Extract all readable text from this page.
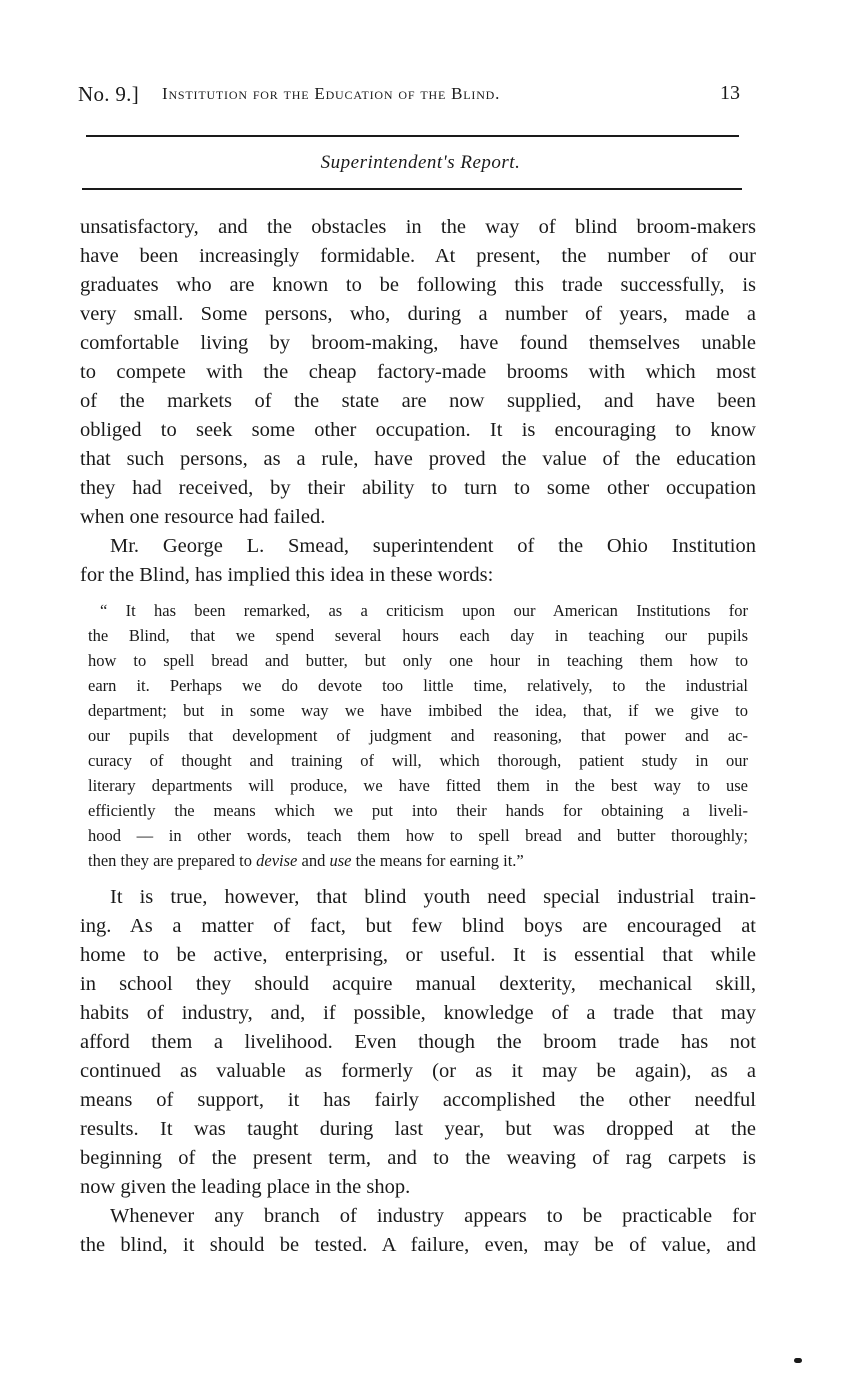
No. 9.] Institution for the Education of the Blind.	13
Superintendent's Report.
unsatisfactory, and the obstacles in the way of blind broom-makers
have been increasingly formidable. At present, the number of our
graduates who are known to be following this trade successfully, is
very small. Some persons, who, during a number of years, made a
comfortable living by broom-making, have found themselves unable
to compete with the cheap factory-made brooms with which most
of the markets of the state are now supplied, and have been
obliged to seek some other occupation. It is encouraging to know
that such persons, as a rule, have proved the value of the education
they had received, by their ability to turn to some other occupation
when one resource had failed.
Mr. George L. Smead, superintendent of the Ohio Institution
for the Blind, has implied this idea in these words:
“ It has been remarked, as a criticism upon our American Institutions for
the Blind, that we spend several hours each day in teaching our pupils
how to spell bread and butter, but only one hour in teaching them how to
earn it. Perhaps we do devote too little time, relatively, to the industrial
department; but in some way we have imbibed the idea, that, if we give to
our pupils that development of judgment and reasoning, that power and ac-
curacy of thought and training of will, which thorough, patient study in our
literary departments will produce, we have fitted them in the best way to use
efficiently the means which we put into their hands for obtaining a liveli-
hood — in other words, teach them how to spell bread and butter thoroughly;
then they are prepared to devise and use the means for earning it.”
It is true, however, that blind youth need special industrial train-
ing. As a matter of fact, but few blind boys are encouraged at
home to be active, enterprising, or useful. It is essential that while
in school they should acquire manual dexterity, mechanical skill,
habits of industry, and, if possible, knowledge of a trade that may
afford them a livelihood. Even though the broom trade has not
continued as valuable as formerly (or as it may be again), as a
means of support, it has fairly accomplished the other needful
results. It was taught during last year, but was dropped at the
beginning of the present term, and to the weaving of rag carpets is
now given the leading place in the shop.
Whenever any branch of industry appears to be practicable for
the blind, it should be tested. A failure, even, may be of value, and
